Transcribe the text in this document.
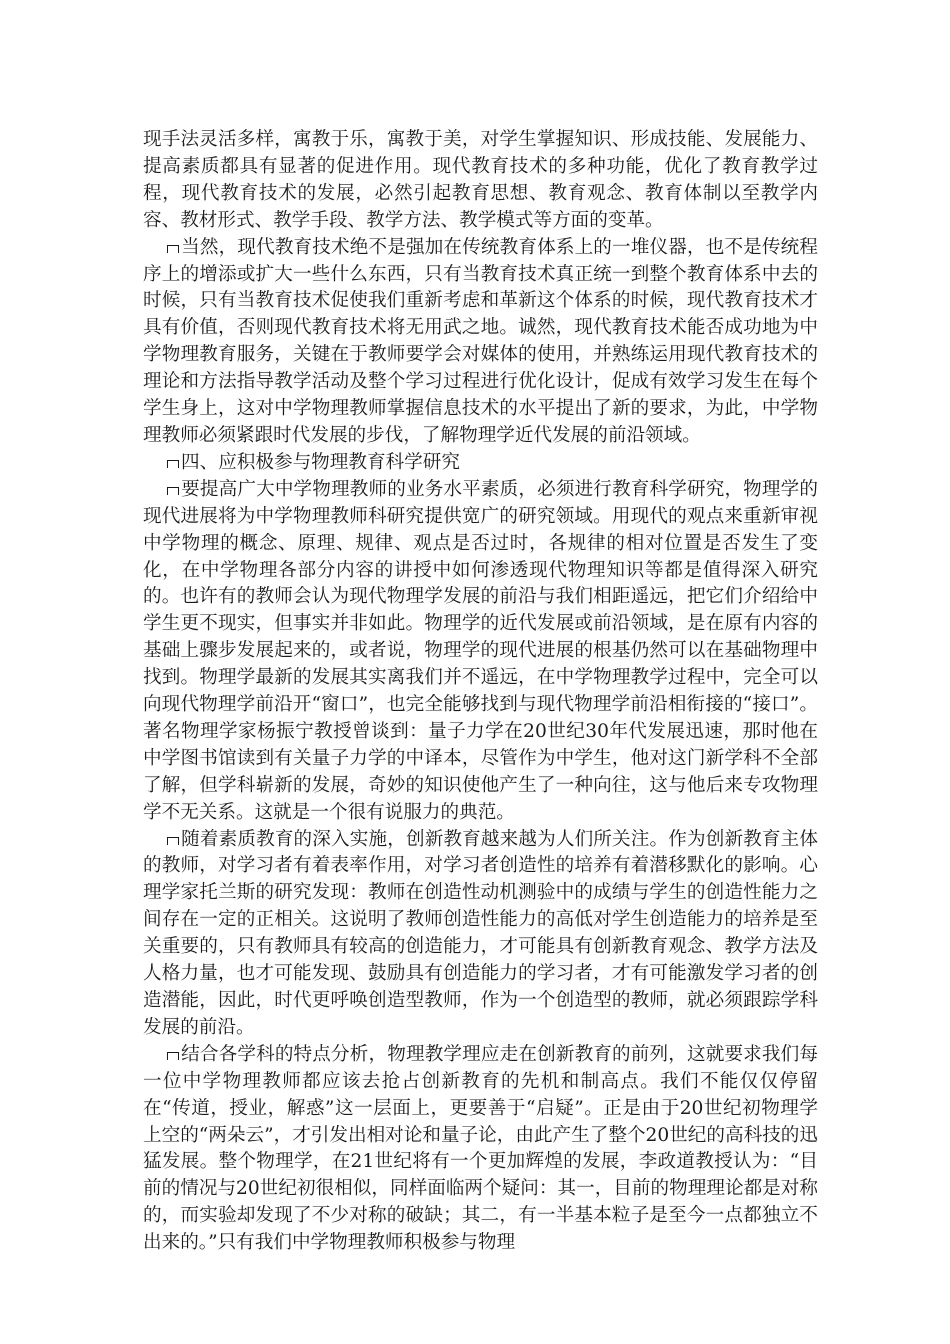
现手法灵活多样，寓教于乐，寓教于美，对学生掌握知识、形成技能、发展能力、提高素质都具有显著的促进作用。现代教育技术的多种功能，优化了教育教学过程，现代教育技术的发展，必然引起教育思想、教育观念、教育体制以至教学内容、教材形式、教学手段、教学方法、教学模式等方面的变革。

当然，现代教育技术绝不是强加在传统教育体系上的一堆仪器，也不是传统程序上的增添或扩大一些什么东西，只有当教育技术真正统一到整个教育体系中去的时候，只有当教育技术促使我们重新考虑和革新这个体系的时候，现代教育技术才具有价值，否则现代教育技术将无用武之地。诚然，现代教育技术能否成功地为中学物理教育服务，关键在于教师要学会对媒体的使用，并熟练运用现代教育技术的理论和方法指导教学活动及整个学习过程进行优化设计，促成有效学习发生在每个学生身上，这对中学物理教师掌握信息技术的水平提出了新的要求，为此，中学物理教师必须紧跟时代发展的步伐，了解物理学近代发展的前沿领域。

四、应积极参与物理教育科学研究

要提高广大中学物理教师的业务水平素质，必须进行教育科学研究，物理学的现代进展将为中学物理教师科研究提供宽广的研究领域。用现代的观点来重新审视中学物理的概念、原理、规律、观点是否过时，各规律的相对位置是否发生了变化，在中学物理各部分内容的讲授中如何渗透现代物理知识等都是值得深入研究的。也许有的教师会认为现代物理学发展的前沿与我们相距遥远，把它们介绍给中学生更不现实，但事实并非如此。物理学的近代发展或前沿领域，是在原有内容的基础上骤步发展起来的，或者说，物理学的现代进展的根基仍然可以在基础物理中找到。物理学最新的发展其实离我们并不遥远，在中学物理教学过程中，完全可以向现代物理学前沿开“窗口”，也完全能够找到与现代物理学前沿相衔接的“接口”。著名物理学家杨振宁教授曾谈到：量子力学在20世纪30年代发展迅速，那时他在中学图书馆读到有关量子力学的中译本，尽管作为中学生，他对这门新学科不全部了解，但学科崭新的发展，奇妙的知识使他产生了一种向往，这与他后来专攻物理学不无关系。这就是一个很有说服力的典范。

随着素质教育的深入实施，创新教育越来越为人们所关注。作为创新教育主体的教师，对学习者有着表率作用，对学习者创造性的培养有着潜移默化的影响。心理学家托兰斯的研究发现：教师在创造性动机测验中的成绩与学生的创造性能力之间存在一定的正相关。这说明了教师创造性能力的高低对学生创造能力的培养是至关重要的，只有教师具有较高的创造能力，才可能具有创新教育观念、教学方法及人格力量，也才可能发现、鼓励具有创造能力的学习者，才有可能激发学习者的创造潜能，因此，时代更呼唤创造型教师，作为一个创造型的教师，就必须跟踪学科发展的前沿。

结合各学科的特点分析，物理教学理应走在创新教育的前列，这就要求我们每一位中学物理教师都应该去抢占创新教育的先机和制高点。我们不能仅仅停留在“传道，授业，解惑”这一层面上，更要善于“启疑”。正是由于20世纪初物理学上空的“两朵云”，才引发出相对论和量子论，由此产生了整个20世纪的高科技的迅猛发展。整个物理学，在21世纪将有一个更加辉煌的发展，李政道教授认为：“目前的情况与20世纪初很相似，同样面临两个疑问：其一，目前的物理理论都是对称的，而实验却发现了不少对称的破缺；其二，有一半基本粒子是至今一点都独立不出来的。”只有我们中学物理教师积极参与物理
